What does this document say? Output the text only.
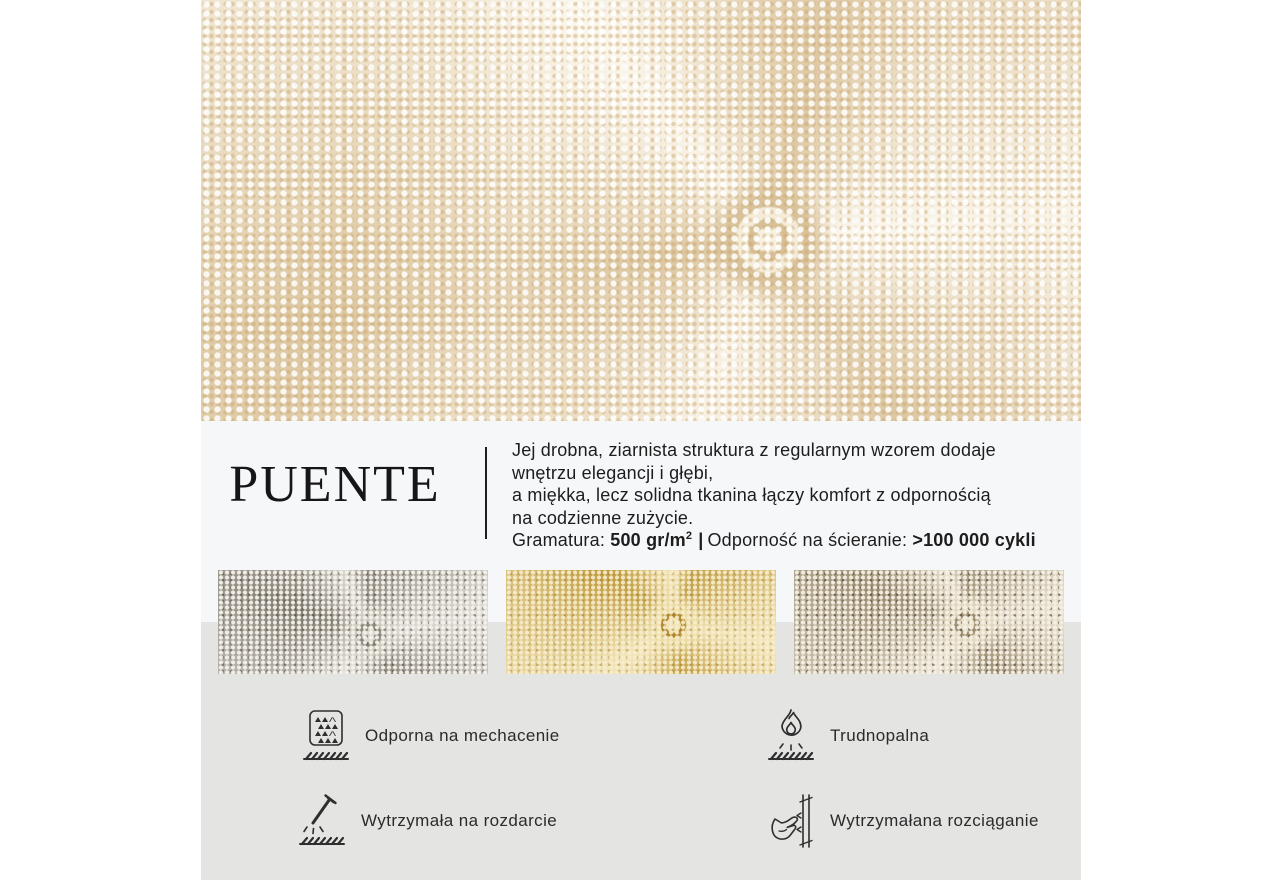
PUENTE
Jej drobna, ziarnista struktura z regularnym wzorem dodaje
wnętrzu elegancji i głębi,
a miękka, lecz solidna tkanina łączy komfort z odpornością
na codzienne zużycie.
Gramatura: 500 $gr/m^2$ | Odporność na ścieranie: >100 000 cykli
Odporna na mechacenie	Trudnopalna
Wytrzymała na rozdarcie	Wytrzymałana rozciąganie
